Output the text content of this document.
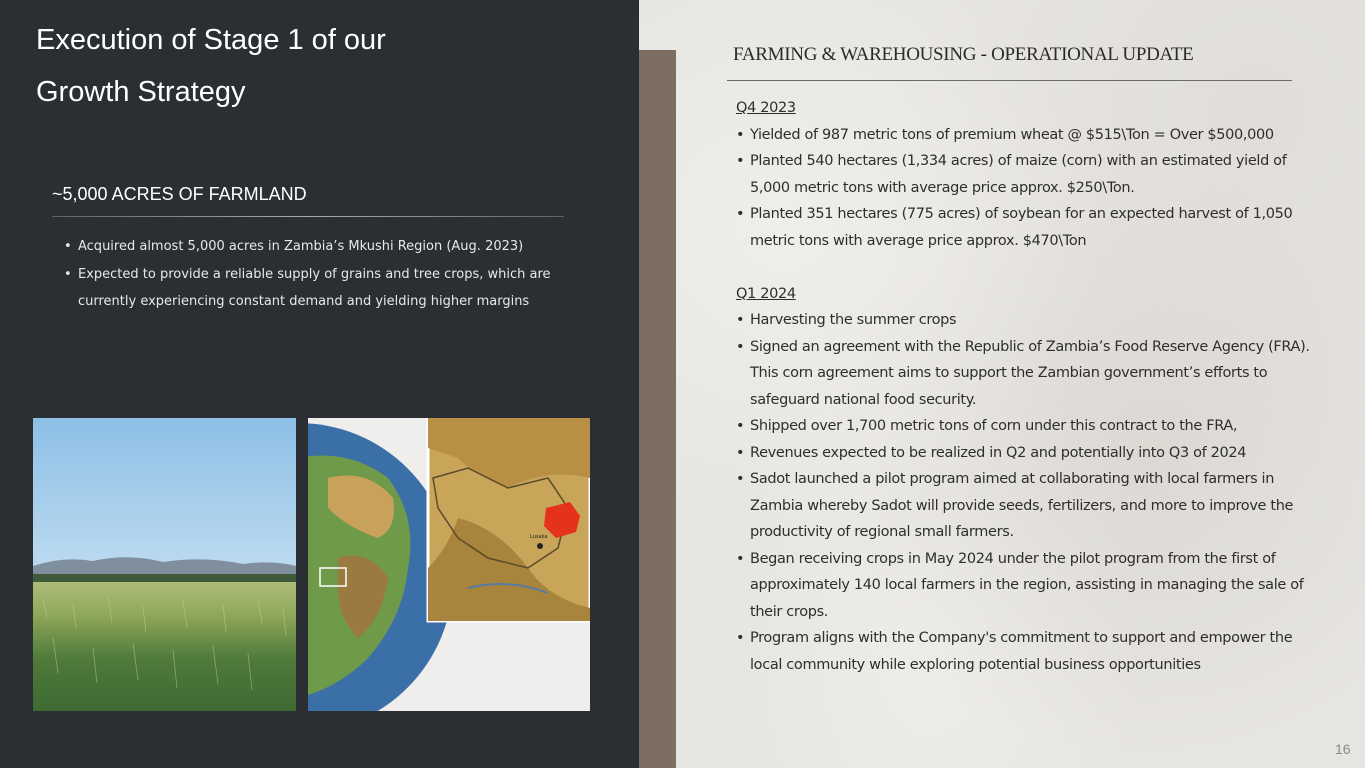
Execution of Stage 1 of our
Growth Strategy
~5,000 ACRES OF FARMLAND
• Acquired almost 5,000 acres in Zambia’s Mkushi Region (Aug. 2023)
• Expected to provide a reliable supply of grains and tree crops, which are currently experiencing constant demand and yielding higher margins
Lusaka
FARMING & WAREHOUSING - OPERATIONAL UPDATE
Q4 2023
• Yielded of 987 metric tons of premium wheat @ $515\Ton = Over $500,000
• Planted 540 hectares (1,334 acres) of maize (corn) with an estimated yield of 5,000 metric tons with average price approx. $250\Ton.
• Planted 351 hectares (775 acres) of soybean for an expected harvest of 1,050 metric tons with average price approx. $470\Ton
Q1 2024
• Harvesting the summer crops
• Signed an agreement with the Republic of Zambia’s Food Reserve Agency (FRA). This corn agreement aims to support the Zambian government’s efforts to safeguard national food security.
• Shipped over 1,700 metric tons of corn under this contract to the FRA,
• Revenues expected to be realized in Q2 and potentially into Q3 of 2024
• Sadot launched a pilot program aimed at collaborating with local farmers in Zambia whereby Sadot will provide seeds, fertilizers, and more to improve the productivity of regional small farmers.
• Began receiving crops in May 2024 under the pilot program from the first of approximately 140 local farmers in the region, assisting in managing the sale of their crops.
• Program aligns with the Company's commitment to support and empower the local community while exploring potential business opportunities
16
